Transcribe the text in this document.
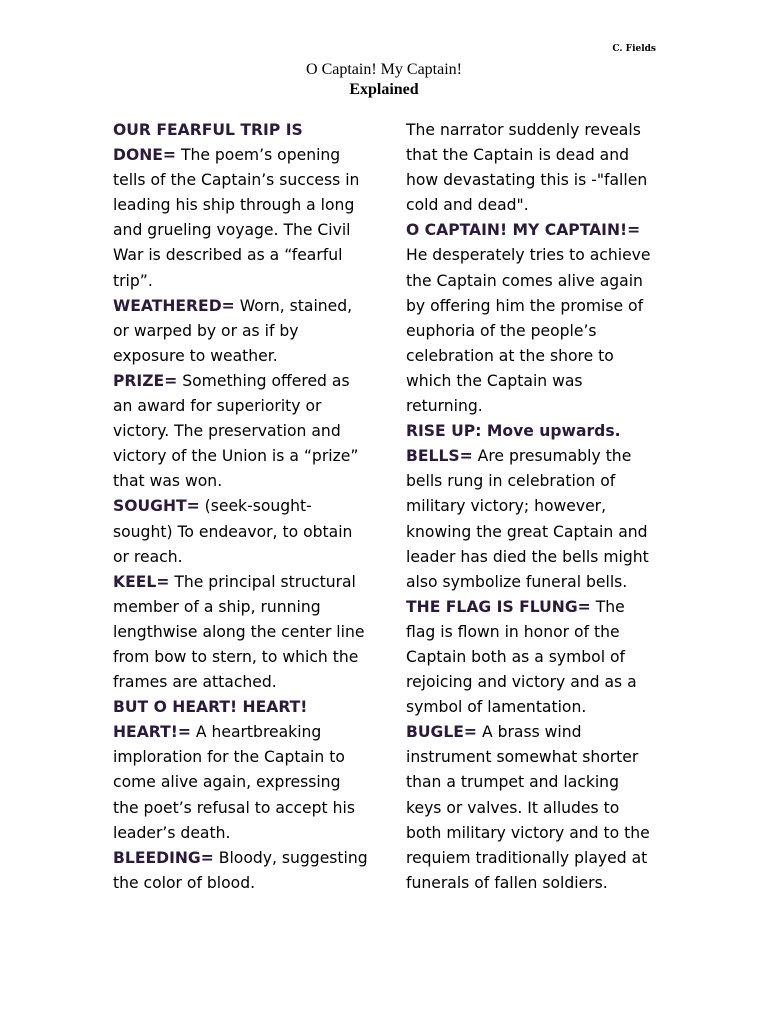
C. Fields
O Captain! My Captain!
Explained

OUR FEARFUL TRIP IS DONE= The poem’s opening tells of the Captain’s success in leading his ship through a long and grueling voyage. The Civil War is described as a “fearful trip”.

WEATHERED= Worn, stained, or warped by or as if by exposure to weather.

PRIZE= Something offered as an award for superiority or victory. The preservation and victory of the Union is a “prize” that was won.

SOUGHT= (seek-sought-sought) To endeavor, to obtain or reach.

KEEL= The principal structural member of a ship, running lengthwise along the center line from bow to stern, to which the frames are attached.

BUT O HEART! HEART! HEART!= A heartbreaking imploration for the Captain to come alive again, expressing the poet’s refusal to accept his leader’s death.

BLEEDING= Bloody, suggesting the color of blood.

The narrator suddenly reveals that the Captain is dead and how devastating this is -"fallen cold and dead".

O CAPTAIN! MY CAPTAIN!= He desperately tries to achieve the Captain comes alive again by offering him the promise of euphoria of the people’s celebration at the shore to which the Captain was returning.

RISE UP: Move upwards.

BELLS= Are presumably the bells rung in celebration of military victory; however, knowing the great Captain and leader has died the bells might also symbolize funeral bells.

THE FLAG IS FLUNG= The flag is flown in honor of the Captain both as a symbol of rejoicing and victory and as a symbol of lamentation.

BUGLE= A brass wind instrument somewhat shorter than a trumpet and lacking keys or valves. It alludes to both military victory and to the requiem traditionally played at funerals of fallen soldiers.
